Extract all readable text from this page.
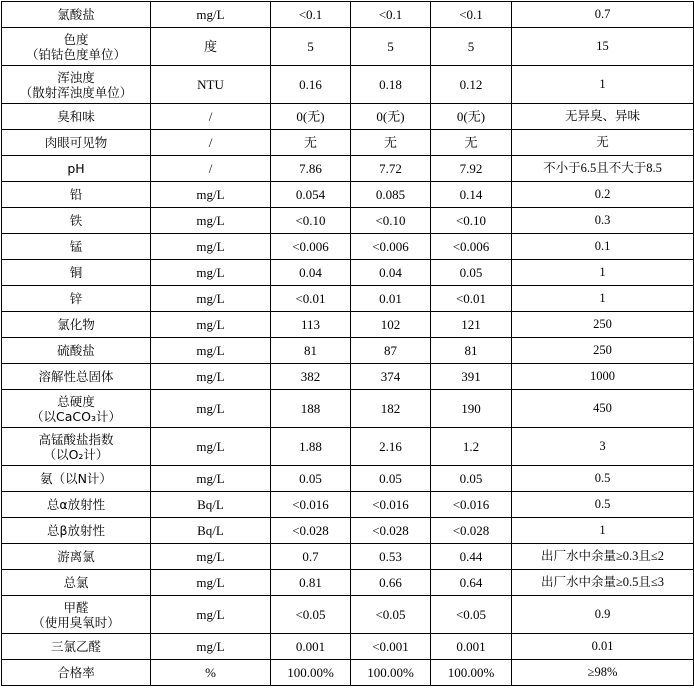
氯酸盐	mg/L	<0.1	<0.1	<0.1	0.7

色度
（铂钴色度单位）	度	5	5	5	15

浑浊度
（散射浑浊度单位）	NTU	0.16	0.18	0.12	1

臭和味	/	0(无)	0(无)	0(无)	无异臭、异味

肉眼可见物	/	无	无	无	无

pH	/	7.86	7.72	7.92	不小于6.5且不大于8.5

铅	mg/L	0.054	0.085	0.14	0.2

铁	mg/L	<0.10	<0.10	<0.10	0.3

锰	mg/L	<0.006	<0.006	<0.006	0.1

铜	mg/L	0.04	0.04	0.05	1

锌	mg/L	<0.01	0.01	<0.01	1

氯化物	mg/L	113	102	121	250

硫酸盐	mg/L	81	87	81	250

溶解性总固体	mg/L	382	374	391	1000

总硬度
（以CaCO₃计）	mg/L	188	182	190	450

高锰酸盐指数
（以O₂计）	mg/L	1.88	2.16	1.2	3

氨（以N计）	mg/L	0.05	0.05	0.05	0.5

总α放射性	Bq/L	<0.016	<0.016	<0.016	0.5

总β放射性	Bq/L	<0.028	<0.028	<0.028	1

游离氯	mg/L	0.7	0.53	0.44	出厂水中余量≥0.3且≤2

总氯	mg/L	0.81	0.66	0.64	出厂水中余量≥0.5且≤3

甲醛
（使用臭氧时）	mg/L	<0.05	<0.05	<0.05	0.9

三氯乙醛	mg/L	0.001	<0.001	0.001	0.01

合格率	%	100.00%	100.00%	100.00%	≥98%
